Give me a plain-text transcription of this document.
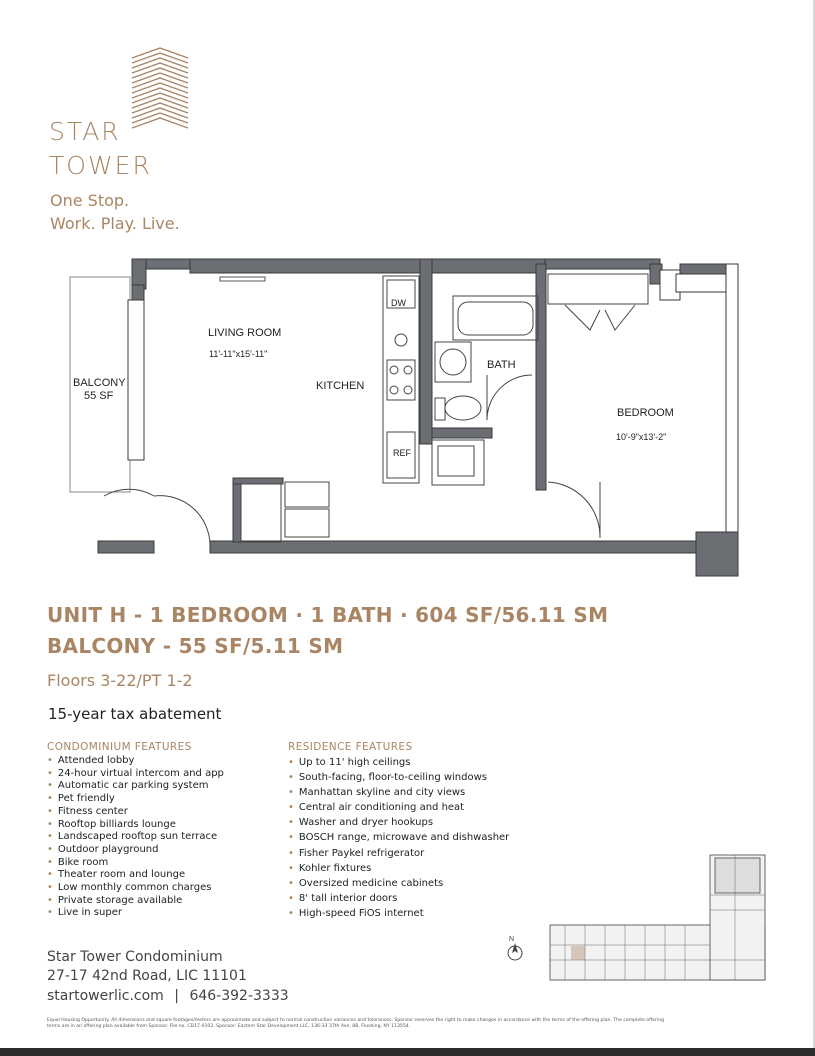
STAR
TOWER
One Stop.
Work. Play. Live.
LIVING ROOM
11'-11"x15'-11"
KITCHEN
BATH
BEDROOM
10'-9"x13'-2"
BALCONY
55 SF
DW
REF
UNIT H - 1 BEDROOM · 1 BATH · 604 SF/56.11 SM
BALCONY - 55 SF/5.11 SM
Floors 3-22/PT 1-2
15-year tax abatement
CONDOMINIUM FEATURES
• Attended lobby
• 24-hour virtual intercom and app
• Automatic car parking system
• Pet friendly
• Fitness center
• Rooftop billiards lounge
• Landscaped rooftop sun terrace
• Outdoor playground
• Bike room
• Theater room and lounge
• Low monthly common charges
• Private storage available
• Live in super
RESIDENCE FEATURES
• Up to 11' high ceilings
• South-facing, floor-to-ceiling windows
• Manhattan skyline and city views
• Central air conditioning and heat
• Washer and dryer hookups
• BOSCH range, microwave and dishwasher
• Fisher Paykel refrigerator
• Kohler fixtures
• Oversized medicine cabinets
• 8' tall interior doors
• High-speed FiOS internet
Star Tower Condominium
27-17 42nd Road, LIC 11101
startowerlic.com | 646-392-3333
N
Equal Housing Opportunity. All dimensions and square footages/meters are approximate and subject to normal construction variances and tolerances. Sponsor reserves the right to make changes in accordance with the terms of the offering plan. The complete offering terms are in an offering plan available from Sponsor. File no. CD17-0102. Sponsor: Eastern Star Development LLC, 136-33 37th Ave, 8B, Flushing, NY 113554.
